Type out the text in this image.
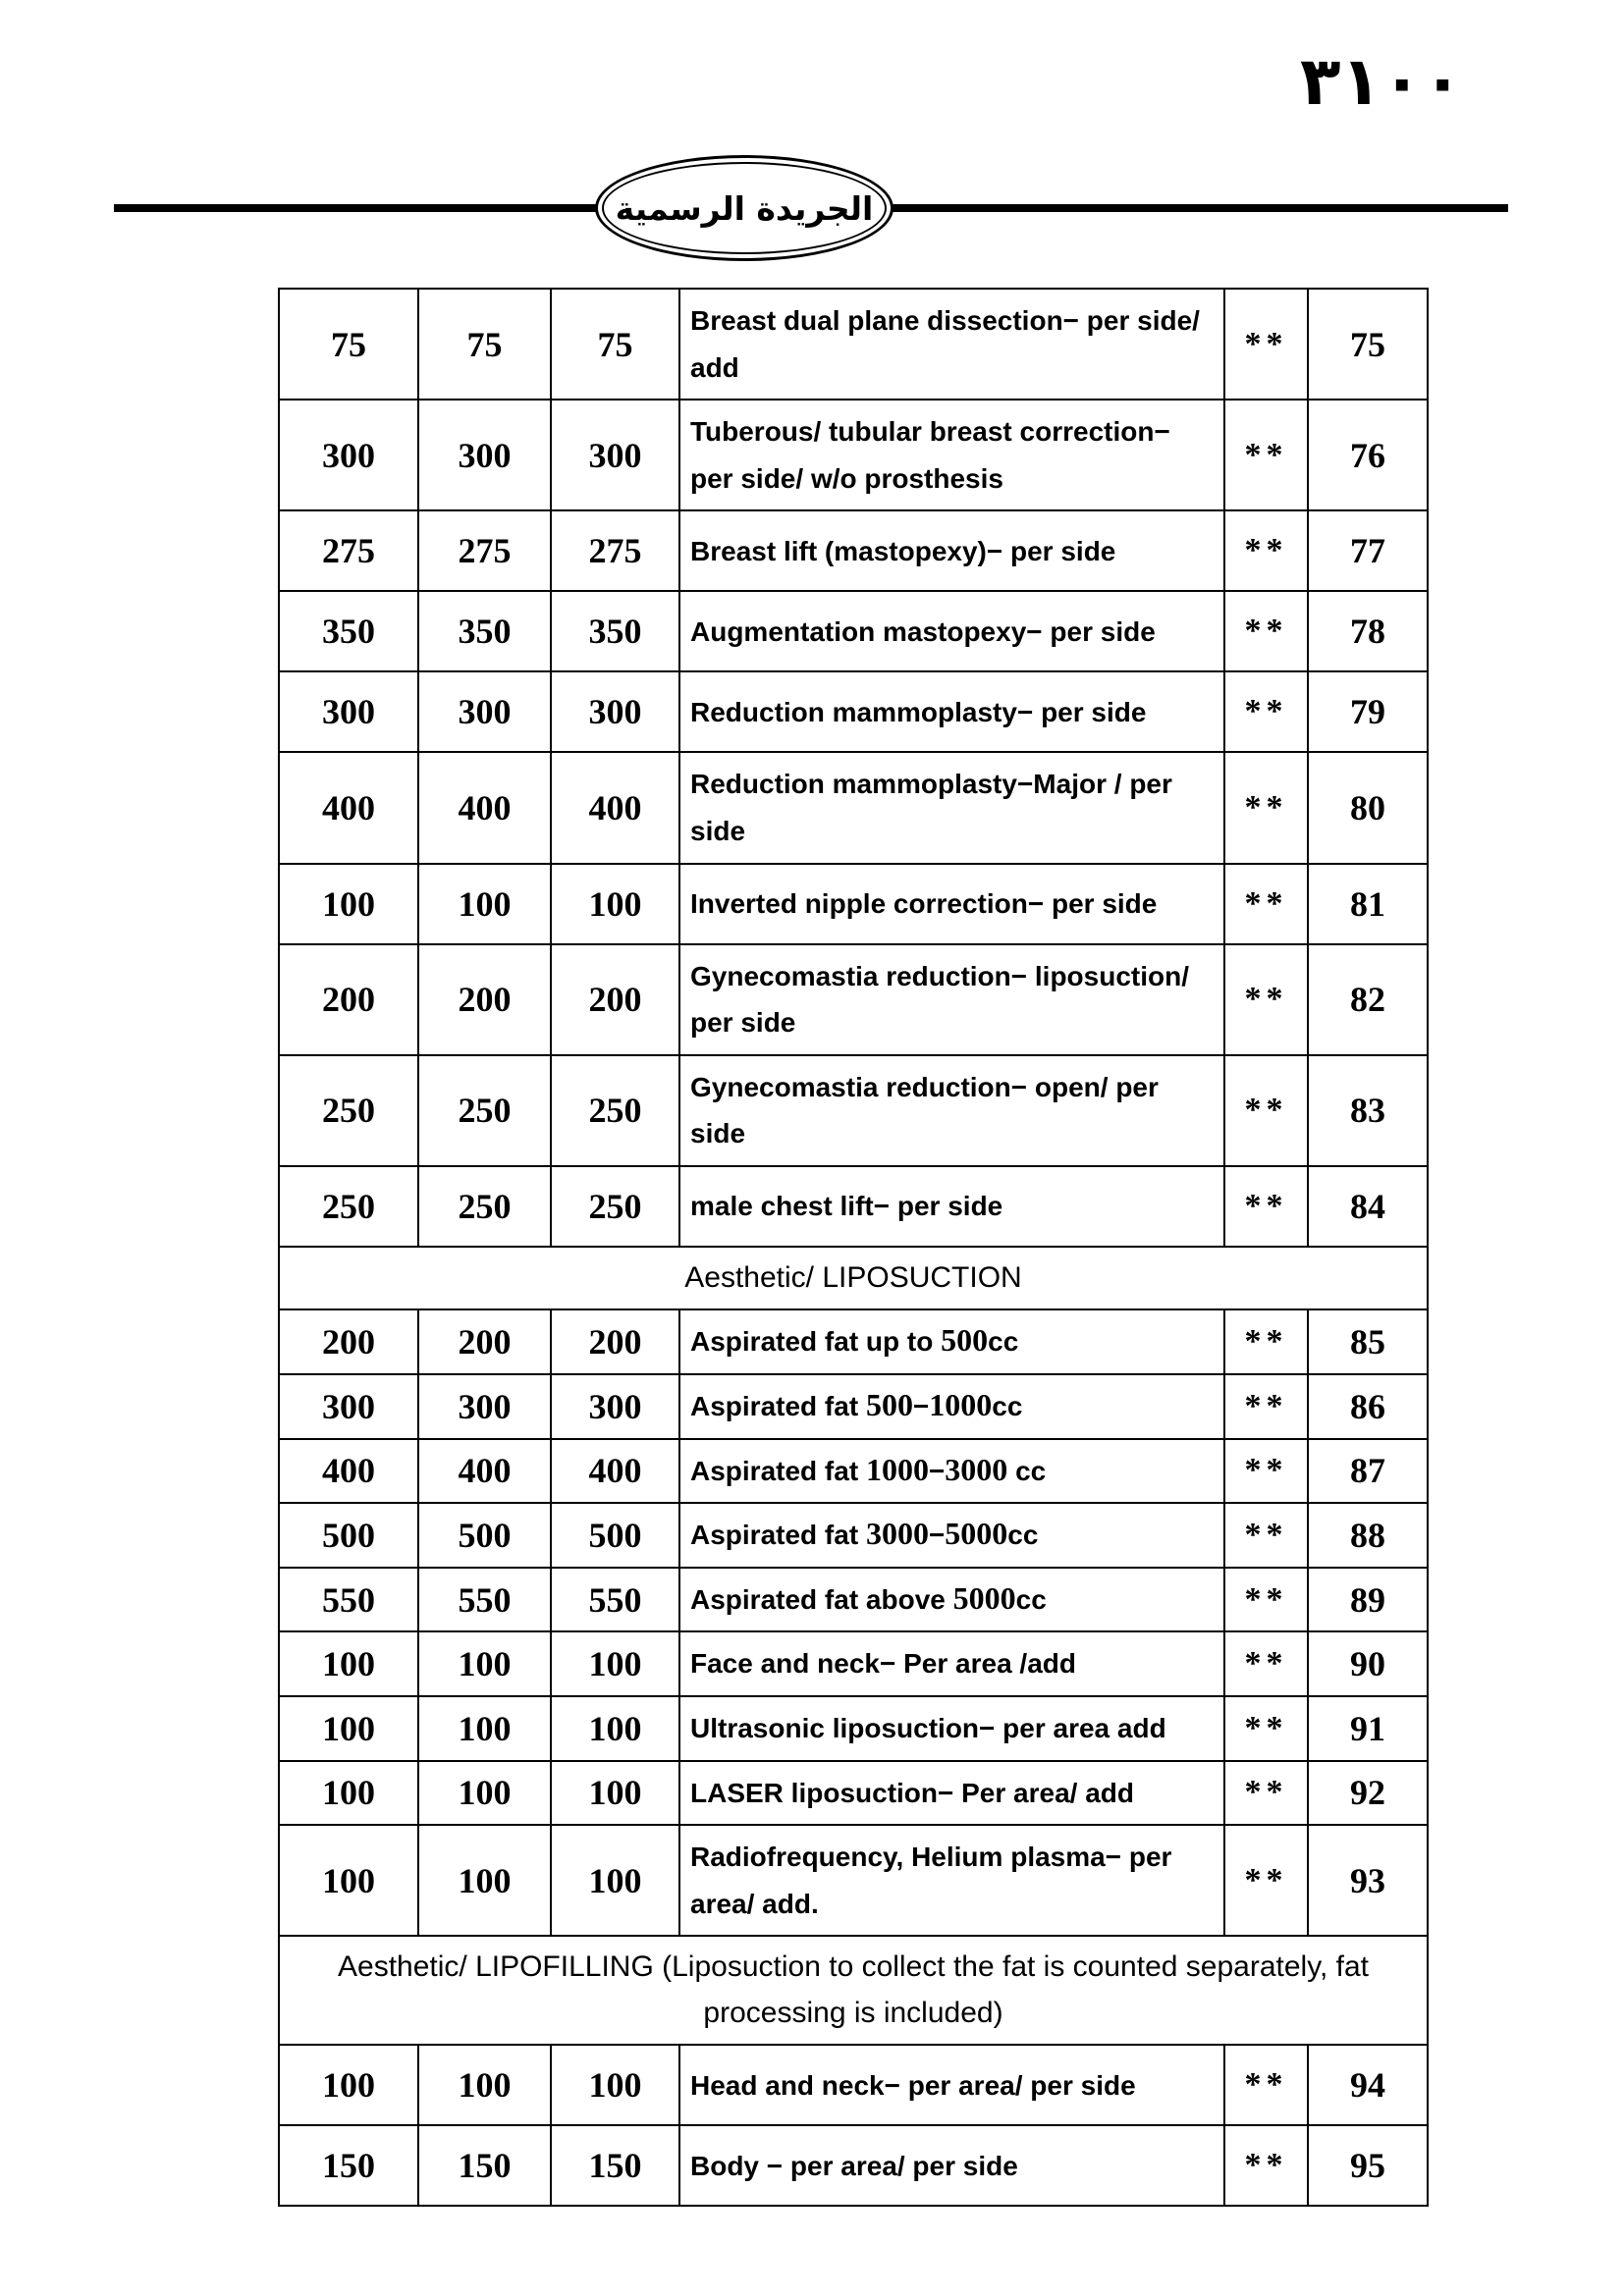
٣١٠٠
الجريدة الرسمية
75	75	75	Breast dual plane dissection− per side/ add	**	75
300	300	300	Tuberous/ tubular breast correction− per side/ w/o prosthesis	**	76
275	275	275	Breast lift (mastopexy)− per side	**	77
350	350	350	Augmentation mastopexy− per side	**	78
300	300	300	Reduction mammoplasty− per side	**	79
400	400	400	Reduction mammoplasty−Major / per side	**	80
100	100	100	Inverted nipple correction− per side	**	81
200	200	200	Gynecomastia reduction− liposuction/ per side	**	82
250	250	250	Gynecomastia reduction− open/ per side	**	83
250	250	250	male chest lift− per side	**	84
Aesthetic/ LIPOSUCTION					
200	200	200	Aspirated fat up to 500cc	**	85
300	300	300	Aspirated fat 500−1000cc	**	86
400	400	400	Aspirated fat 1000−3000 cc	**	87
500	500	500	Aspirated fat 3000−5000cc	**	88
550	550	550	Aspirated fat above 5000cc	**	89
100	100	100	Face and neck− Per area /add	**	90
100	100	100	Ultrasonic liposuction− per area add	**	91
100	100	100	LASER liposuction− Per area/ add	**	92
100	100	100	Radiofrequency, Helium plasma− per area/ add.	**	93
Aesthetic/ LIPOFILLING (Liposuction to collect the fat is counted separately, fat processing is included)					
100	100	100	Head and neck− per area/ per side	**	94
150	150	150	Body − per area/ per side	**	95
